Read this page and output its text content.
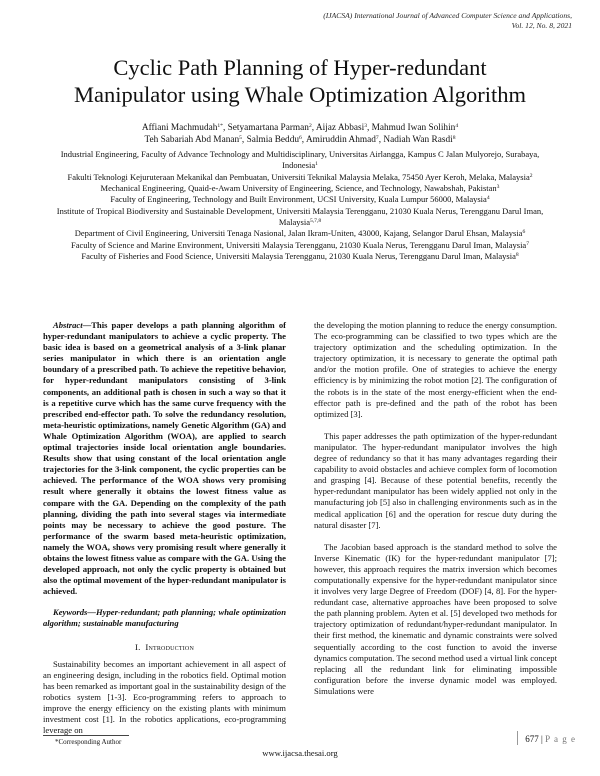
(IJACSA) International Journal of Advanced Computer Science and Applications,
Vol. 12, No. 8, 2021
Cyclic Path Planning of Hyper-redundant
Manipulator using Whale Optimization Algorithm
Affiani Machmudah$^{1*}$, Setyamartana Parman$^2$, Aijaz Abbasi$^3$, Mahmud Iwan Solihin$^4$
Teh Sabariah Abd Manan$^5$, Salmia Beddu$^6$, Amiruddin Ahmad$^7$, Nadiah Wan Rasdi$^8$

Industrial Engineering, Faculty of Advance Technology and Multidisciplinary, Universitas Airlangga, Kampus C Jalan Mulyorejo, Surabaya, Indonesia$^1$

Fakulti Teknologi Kejuruteraan Mekanikal dan Pembuatan, Universiti Teknikal Malaysia Melaka, 75450 Ayer Keroh, Melaka, Malaysia$^2$

Mechanical Engineering, Quaid-e-Awam University of Engineering, Science, and Technology, Nawabshah, Pakistan$^3$

Faculty of Engineering, Technology and Built Environment, UCSI University, Kuala Lumpur 56000, Malaysia$^4$

Institute of Tropical Biodiversity and Sustainable Development, Universiti Malaysia Terengganu, 21030 Kuala Nerus, Terengganu Darul Iman, Malaysia$^{5,7,8}$

Department of Civil Engineering, Universiti Tenaga Nasional, Jalan Ikram-Uniten, 43000, Kajang, Selangor Darul Ehsan, Malaysia$^6$

Faculty of Science and Marine Environment, Universiti Malaysia Terengganu, 21030 Kuala Nerus, Terengganu Darul Iman, Malaysia$^7$

Faculty of Fisheries and Food Science, Universiti Malaysia Terengganu, 21030 Kuala Nerus, Terengganu Darul Iman, Malaysia$^8$

Abstract—This paper develops a path planning algorithm of hyper-redundant manipulators to achieve a cyclic property. The basic idea is based on a geometrical analysis of a 3-link planar series manipulator in which there is an orientation angle boundary of a prescribed path. To achieve the repetitive behavior, for hyper-redundant manipulators consisting of 3-link components, an additional path is chosen in such a way so that it is a repetitive curve which has the same curve frequency with the prescribed end-effector path. To solve the redundancy resolution, meta-heuristic optimizations, namely Genetic Algorithm (GA) and Whale Optimization Algorithm (WOA), are applied to search optimal trajectories inside local orientation angle boundaries. Results show that using constant of the local orientation angle trajectories for the 3-link component, the cyclic properties can be achieved. The performance of the WOA shows very promising result where generally it obtains the lowest fitness value as compare with the GA. Depending on the complexity of the path planning, dividing the path into several stages via intermediate points may be necessary to achieve the good posture. The performance of the swarm based meta-heuristic optimization, namely the WOA, shows very promising result where generally it obtains the lowest fitness value as compare with the GA. Using the developed approach, not only the cyclic property is obtained but also the optimal movement of the hyper-redundant manipulator is achieved.

Keywords—Hyper-redundant; path planning; whale optimization algorithm; sustainable manufacturing

I. Introduction

Sustainability becomes an important achievement in all aspect of an engineering design, including in the robotics field. Optimal motion has been remarked as important goal in the sustainability design of the robotics system [1-3]. Eco-programming refers to approach to improve the energy efficiency on the existing plants with minimum investment cost [1]. In the robotics applications, eco-programming leverage on

the developing the motion planning to reduce the energy consumption. The eco-programming can be classified to two types which are the trajectory optimization and the scheduling optimization. In the trajectory optimization, it is necessary to generate the optimal path and/or the motion profile. One of strategies to achieve the energy efficiency is by minimizing the robot motion [2]. The configuration of the robots is in the state of the most energy-efficient when the end-effector path is pre-defined and the path of the robot has been optimized [3].

This paper addresses the path optimization of the hyper-redundant manipulator. The hyper-redundant manipulator involves the high degree of redundancy so that it has many advantages regarding their capability to avoid obstacles and achieve complex form of locomotion and grasping [4]. Because of these potential benefits, recently the hyper-redundant manipulator has been widely applied not only in the manufacturing job [5] also in challenging environments such as in the medical application [6] and the operation for rescue duty during the natural disaster [7].

The Jacobian based approach is the standard method to solve the Inverse Kinematic (IK) for the hyper-redundant manipulator [7]; however, this approach requires the matrix inversion which becomes computationally expensive for the hyper-redundant manipulator since it involves very large Degree of Freedom (DOF) [4, 8]. For the hyper-redundant case, alternative approaches have been proposed to solve the path planning problem. Ayten et al. [5] developed two methods for trajectory optimization of redundant/hyper-redundant manipulator. In their first method, the kinematic and dynamic constraints were solved sequentially according to the cost function to avoid the inverse dynamics computation. The second method used a virtual link concept replacing all the redundant link for eliminating impossible configuration before the inverse dynamic model was employed. Simulations were

*Corresponding Author	677 | P a g e
www.ijacsa.thesai.org
